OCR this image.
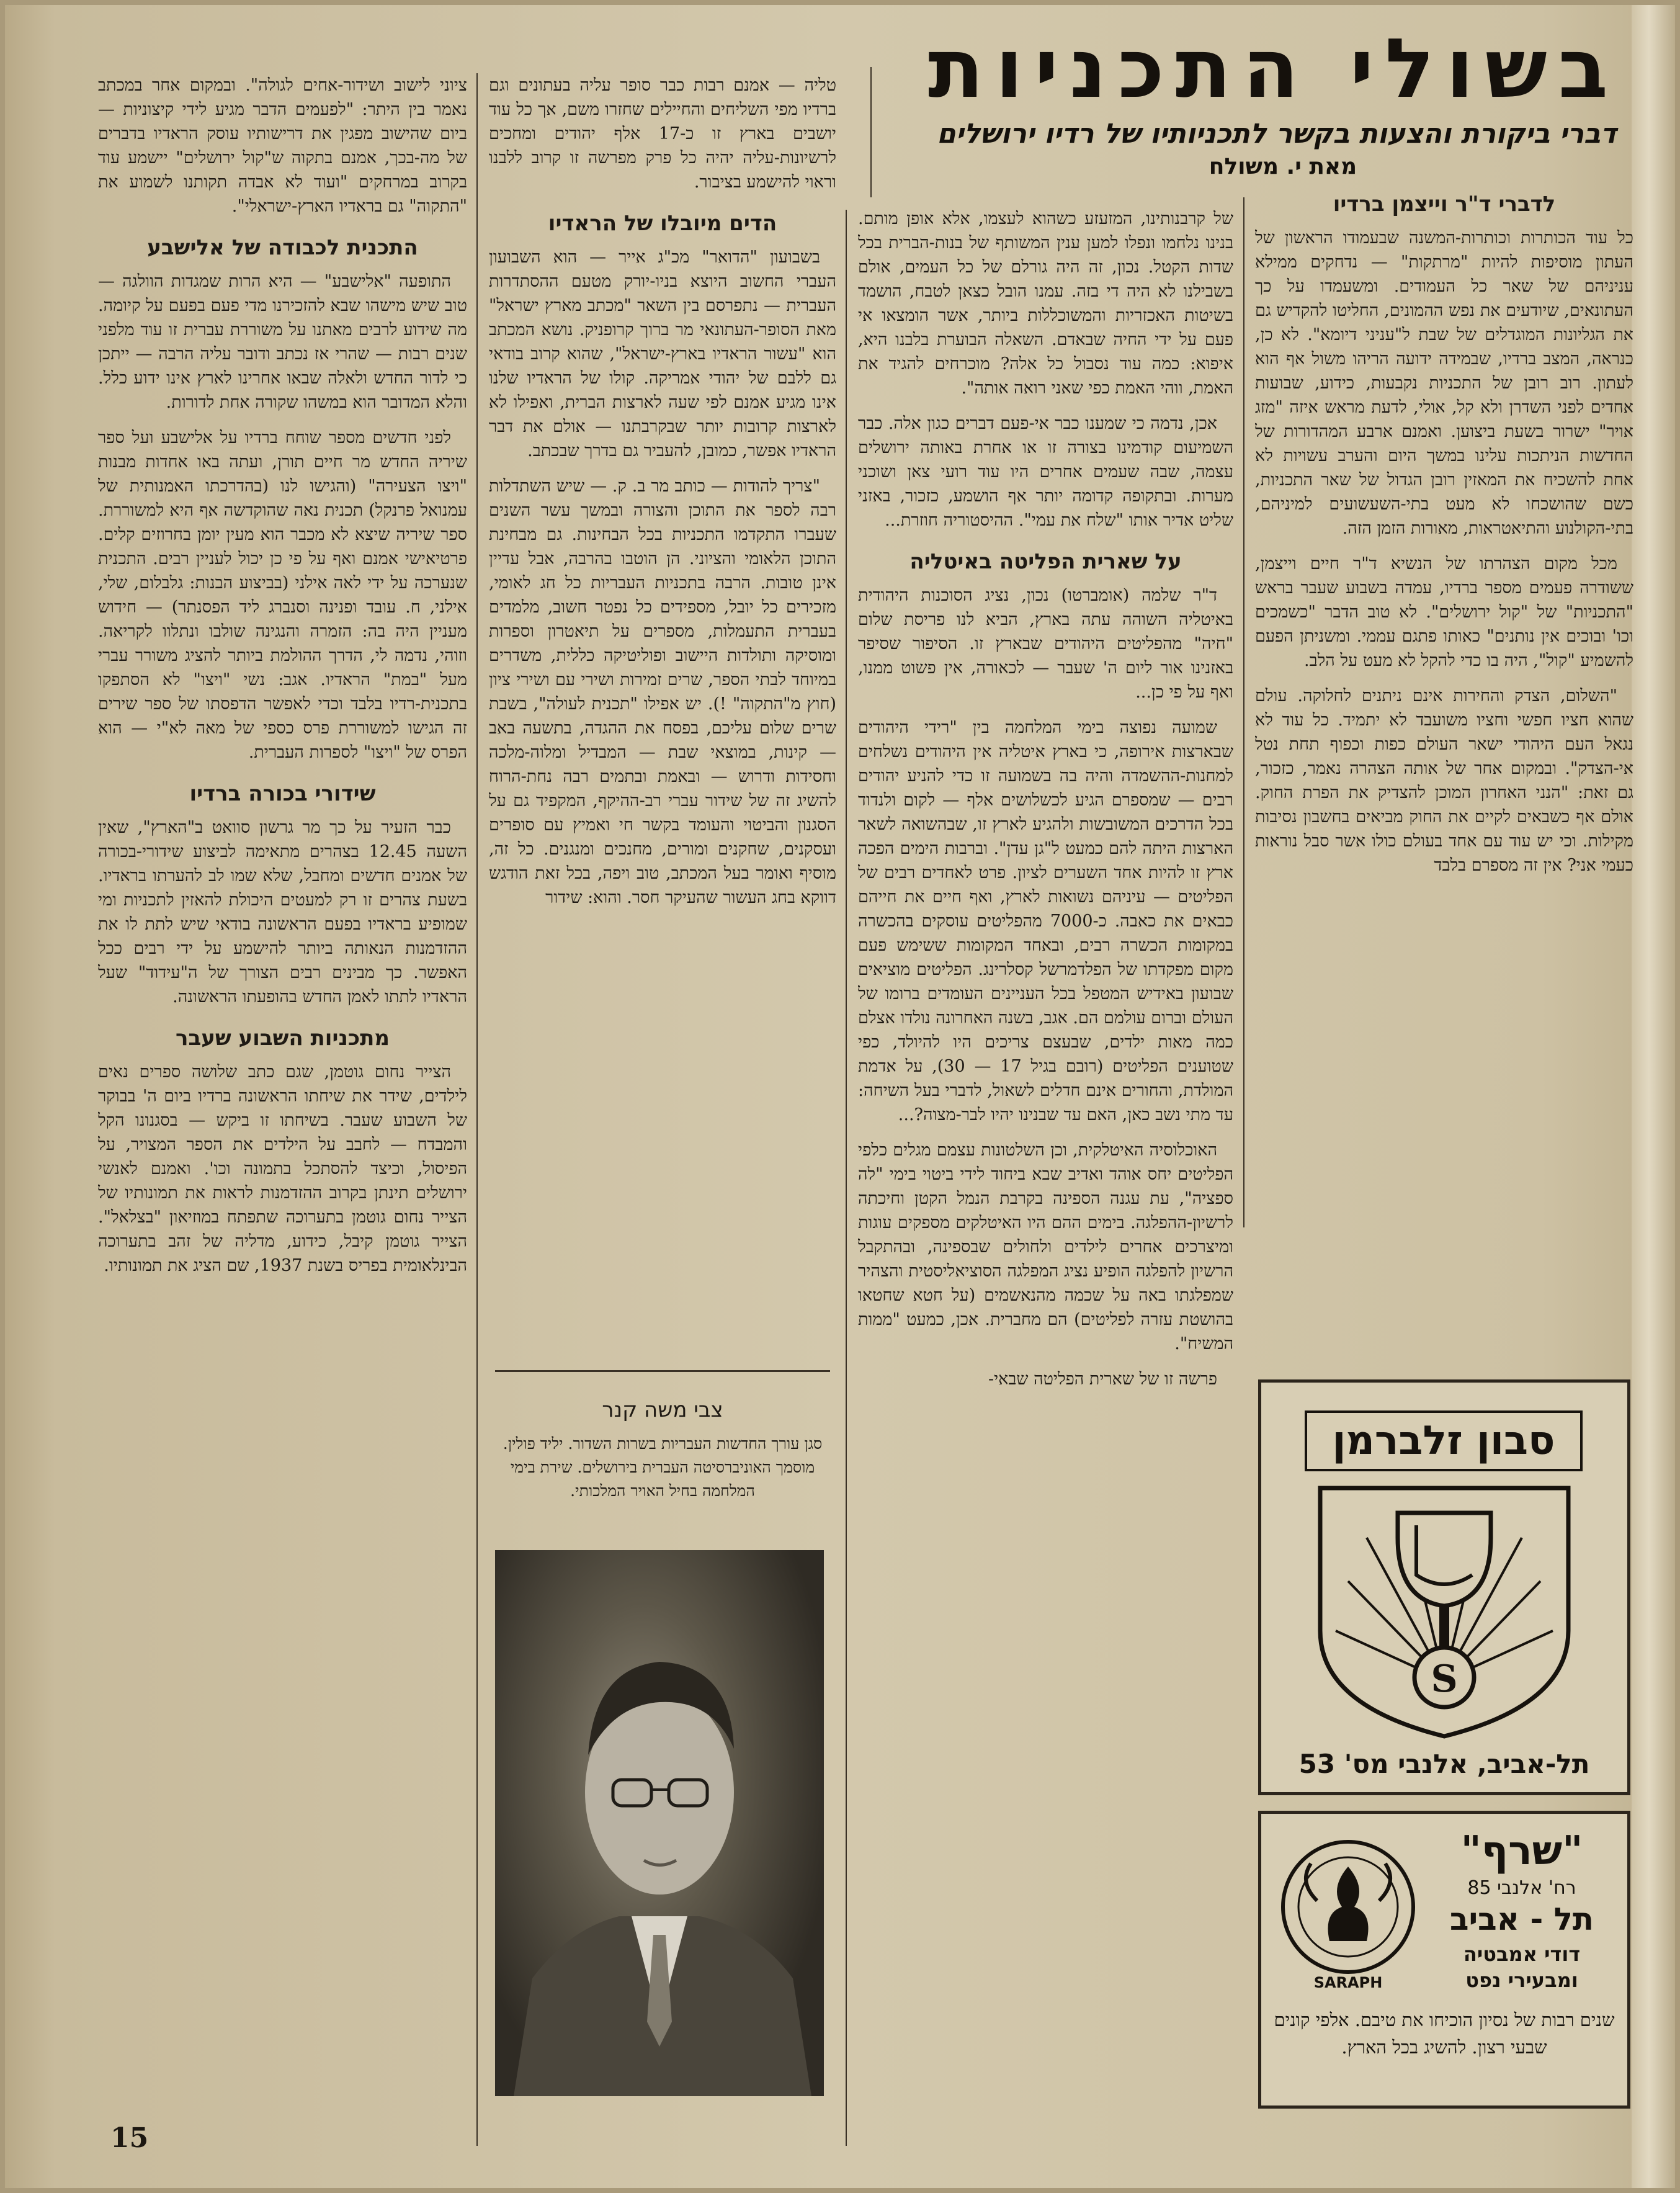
בשולי התכניות
דברי ביקורת והצעות בקשר לתכניותיו של רדיו ירושלים
מאת י. משולח
לדברי ד"ר וייצמן ברדיו

כל עוד הכותרות וכותרות-המשנה שבעמודו הראשון של העתון מוסיפות להיות "מרתקות" — נדחקים ממילא עניניהם של שאר כל העמודים. ומשעמדו על כך העתונאים, שיודעים את נפש ההמונים, החליטו להקדיש גם את הגליונות המוגדלים של שבת ל"עניני דיומא". לא כן, כנראה, המצב ברדיו, שבמידה ידועה הריהו משול אף הוא לעתון. רוב רובן של התכניות נקבעות, כידוע, שבועות אחדים לפני השדרן ולא קל, אולי, לדעת מראש איזה "מזג אויר" ישרור בשעת ביצוען. ואמנם ארבע המהדורות של החדשות הניתכות עלינו במשך היום והערב עשויות לא אחת להשכיח את המאזין רובן הגדול של שאר התכניות, כשם שהושכחו לא מעט בתי-השעשועים למיניהם, בתי-הקולנוע והתיאטראות, מאורות הזמן הזה.

מכל מקום הצהרתו של הנשיא ד"ר חיים וייצמן, ששודרה פעמים מספר ברדיו, עמדה בשבוע שעבר בראש "התכניות" של "קול ירושלים". לא טוב הדבר "כשמכים וכו' ובוכים אין נותנים" כאותו פתגם עממי. ומשניתן הפעם להשמיע "קול", היה בו כדי להקל לא מעט על הלב.

"השלום, הצדק והחירות אינם ניתנים לחלוקה. עולם שהוא חציו חפשי וחציו משועבד לא יתמיד. כל עוד לא נגאל העם היהודי ישאר העולם כפות וכפוף תחת נטל אי-הצדק". ובמקום אחר של אותה הצהרה נאמר, כזכור, גם זאת: "הנני האחרון המוכן להצדיק את הפרת החוק. אולם אף כשבאים לקיים את החוק מביאים בחשבון נסיבות מקילות. וכי יש עוד עם אחד בעולם כולו אשר סבל נוראות כעמי אני? אין זה מספרם בלבד

של קרבנותינו, המזעזע כשהוא לעצמו, אלא אופן מותם. בנינו נלחמו ונפלו למען ענין המשותף של בנות-הברית בכל שדות הקטל. נכון, זה היה גורלם של כל העמים, אולם בשבילנו לא היה די בזה. עמנו הובל כצאן לטבח, הושמד בשיטות האכזריות והמשוכללות ביותר, אשר הומצאו אי פעם על ידי החיה שבאדם. השאלה הבוערת בלבנו היא, איפוא: כמה עוד נסבול כל אלה? מוכרחים להגיד את האמת, ווהי האמת כפי שאני רואה אותה".

אכן, נדמה כי שמענו כבר אי-פעם דברים כגון אלה. כבר השמיעום קודמינו בצורה זו או אחרת באותה ירושלים עצמה, שבה שעמים אחרים היו עוד רועי צאן ושוכני מערות. ובתקופה קדומה יותר אף הושמע, כזכור, באזני שליט אדיר אותו "שלח את עמי". ההיסטוריה חוזרת...

על שארית הפליטה באיטליה

ד"ר שלמה (אומברטו) נכון, נציג הסוכנות היהודית באיטליה השוהה עתה בארץ, הביא לנו פריסת שלום "חיה" מהפליטים היהודים שבארץ זו. הסיפור שסיפר באזנינו אור ליום ה' שעבר — לכאורה, אין פשוט ממנו, ואף על פי כן...

שמועה נפוצה בימי המלחמה בין "רידי היהודים שבארצות אירופה, כי בארץ איטליה אין היהודים נשלחים למחנות-ההשמדה והיה בה בשמועה זו כדי להניע יהודים רבים — שמספרם הגיע לכשלושים אלף — לקום ולנדוד בכל הדרכים המשובשות ולהגיע לארץ זו, שבהשואה לשאר הארצות היתה להם כמעט ל"גן עדן". וברבות הימים הפכה ארץ זו להיות אחד השערים לציון. פרט לאחדים רבים של הפליטים — עיניהם נשואות לארץ, ואף חיים את חייהם כבאים את כאבה. כ-7000 מהפליטים עוסקים בהכשרה במקומות הכשרה רבים, ובאחד המקומות ששימש פעם מקום מפקדתו של הפלדמרשל קסלרינג. הפליטים מוציאים שבועון באידיש המטפל בכל העניינים העומדים ברומו של העולם וברום עולמם הם. אגב, בשנה האחרונה נולדו אצלם כמה מאות ילדים, שבעצם צריכים היו להיולד, כפי שטוענים הפליטים (רובם בגיל 17 — 30), על אדמת המולדת, והחורים אינם חדלים לשאול, לדברי בעל השיחה: עד מתי נשב כאן, האם עד שבנינו יהיו לבר-מצוה?...

האוכלוסיה האיטלקית, וכן השלטונות עצמם מגלים כלפי הפליטים יחס אוהד ואדיב שבא ביחוד לידי ביטוי בימי "לה ספציה", עת עגנה הספינה בקרבת הנמל הקטן וחיכתה לרשיון-ההפלגה. בימים ההם היו האיטלקים מספקים עוגות ומיצרכים אחרים לילדים ולחולים שבספינה, ובהתקבל הרשיון להפלגה הופיע נציג המפלגה הסוציאליסטית והצהיר שמפלגתו באה על שכמה מהנאשמים (על חטא שחטאו בהושטת עזרה לפליטים) הם מחברית. אכן, כמעט "ממות המשיח".

פרשה זו של שארית הפליטה שבאי-

טליה — אמנם רבות כבר סופר עליה בעתונים וגם ברדיו מפי השליחים והחיילים שחזרו משם, אך כל עוד יושבים בארץ זו כ-17 אלף יהודים ומחכים לרשיונות-עליה יהיה כל פרק מפרשה זו קרוב ללבנו וראוי להישמע בציבור.

הדים מיובלו של הראדיו

בשבועון "הדואר" מכ"ג אייר — הוא השבועון העברי החשוב היוצא בניו-יורק מטעם ההסתדרות העברית — נתפרסם בין השאר "מכתב מארץ ישראל" מאת הסופר-העתונאי מר ברוך קרופניק. נושא המכתב הוא "עשור הראדיו בארץ-ישראל", שהוא קרוב בודאי גם ללבם של יהודי אמריקה. קולו של הראדיו שלנו אינו מגיע אמנם לפי שעה לארצות הברית, ואפילו לא לארצות קרובות יותר שבקרבתנו — אולם את דבר הראדיו אפשר, כמובן, להעביר גם בדרך שבכתב.

"צריך להודות — כותב מר ב. ק. — שיש השתדלות רבה לספר את התוכן והצורה ובמשך עשר השנים שעברו התקדמו התכניות בכל הבחינות. גם מבחינת התוכן הלאומי והציוני. הן הוטבו בהרבה, אבל עדיין אינן טובות. הרבה בתכניות העבריות כל חג לאומי, מזכירים כל יובל, מספידים כל נפטר חשוב, מלמדים בעברית התעמלות, מספרים על תיאטרון וספרות ומוסיקה ותולדות היישוב ופוליטיקה כללית, משדרים במיוחד לבתי הספר, שרים זמירות ושירי עם ושירי ציון (חוץ מ"התקוה" !). יש אפילו "תכנית לעולה", בשבת שרים שלום עליכם, בפסח את ההגדה, בתשעה באב — קינות, במוצאי שבת — המבדיל ומלוה-מלכה וחסידות ודרוש — ובאמת ובתמים רבה נחת-הרוח להשיג זה של שידור עברי רב-ההיקף, המקפיד גם על הסגנון והביטוי והעומד בקשר חי ואמיץ עם סופרים ועסקנים, שחקנים ומורים, מחנכים ומנגנים. כל זה, מוסיף ואומר בעל המכתב, טוב ויפה, בכל זאת הודגש דווקא בחג העשור שהעיקר חסר. והוא: שידור

צבי משה קנר
סגן עורך החדשות העבריות בשרות השדור. יליד פולין. מוסמך האוניברסיטה העברית בירושלים. שירת בימי המלחמה בחיל האויר המלכותי.

ציוני לישוב ושידור-אחים לגולה". ובמקום אחר במכתב נאמר בין היתר: "לפעמים הדבר מגיע לידי קיצוניות — ביום שהישוב מפגין את דרישותיו עוסק הראדיו בדברים של מה-בכך, אמנם בתקוה ש"קול ירושלים" יישמע עוד בקרוב במרחקים "ועוד לא אבדה תקותנו לשמוע את "התקוה" גם בראדיו הארץ-ישראלי".

התכנית לכבודה של אלישבע

התופעה "אלישבע" — היא הרות שמגדות הוולגה — טוב שיש מישהו שבא להזכירנו מדי פעם בפעם על קיומה. מה שידוע לרבים מאתנו על משוררת עברית זו עוד מלפני שנים רבות — שהרי אז נכתב ודובר עליה הרבה — ייתכן כי לדור החדש ולאלה שבאו אחרינו לארץ אינו ידוע כלל. והלא המדובר הוא במשהו שקורה אחת לדורות.

לפני חדשים מספר שוחח ברדיו על אלישבע ועל ספר שיריה החדש מר חיים תורן, ועתה באו אחדות מבנות "ויצו הצעירה" (והגישו לנו (בהדרכתו האמנותית של עמנואל פרנקל) תכנית נאה שהוקדשה אף היא למשוררת. ספר שיריה שיצא לא מכבר הוא מעין יומן בחרוזים קלים. פרטיאישי אמנם ואף על פי כן יכול לעניין רבים. התכנית שנערכה על ידי לאה אילני (בביצוע הבנות: גלבלום, שלי, אילני, ח. עובד ופנינה וסנברג ליד הפסנתר) — חידוש מעניין היה בה: הזמרה והנגינה שולבו ונתלוו לקריאה. וזוהי, נדמה לי, הדרך ההולמת ביותר להציג משורר עברי מעל "במת" הראדיו. אגב: נשי "ויצו" לא הסתפקו בתכנית-רדיו בלבד וכדי לאפשר הדפסתו של ספר שירים זה הגישו למשוררת פרס כספי של מאה לא"י — הוא הפרס של "ויצו" לספרות העברית.

שידורי בכורה ברדיו

כבר הזעיר על כך מר גרשון סוואט ב"הארץ", שאין השעה 12.45 בצהרים מתאימה לביצוע שידורי-בכורה של אמנים חדשים ומחבל, שלא שמו לב להערתו בראדיו. בשעת צהרים זו רק למעטים היכולת להאזין לתכניות ומי שמופיע בראדיו בפעם הראשונה בודאי שיש לתת לו את ההזדמנות הנאותה ביותר להישמע על ידי רבים ככל האפשר. כך מבינים רבים הצורך של ה"עידוד" שעל הראדיו לתתו לאמן החדש בהופעתו הראשונה.

מתכניות השבוע שעבר

הצייר נחום גוטמן, שגם כתב שלושה ספרים נאים לילדים, שידר את שיחתו הראשונה ברדיו ביום ה' בבוקר של השבוע שעבר. בשיחתו זו ביקש — בסגנונו הקל והמבדח — לחבב על הילדים את הספר המצויר, על הפיסול, וכיצד להסתכל בתמונה וכו'. ואמנם לאנשי ירושלים תינתן בקרוב ההזדמנות לראות את תמונותיו של הצייר נחום גוטמן בתערוכה שתפתח במוזיאון "בצלאל". הצייר גוטמן קיבל, כידוע, מדליה של זהב בתערוכה הבינלאומית בפריס בשנת 1937, שם הציג את תמונותיו.

סבון זלברמן
S
תל-אביב, אלנבי מס' 53
"שרף"
רח' אלנבי 85
תל - אביב
דודי אמבטיה
ומבעירי נפט
SARAPH
שנים רבות של נסיון הוכיחו את טיבם. אלפי קונים שבעי רצון. להשיג בכל הארץ.
15
